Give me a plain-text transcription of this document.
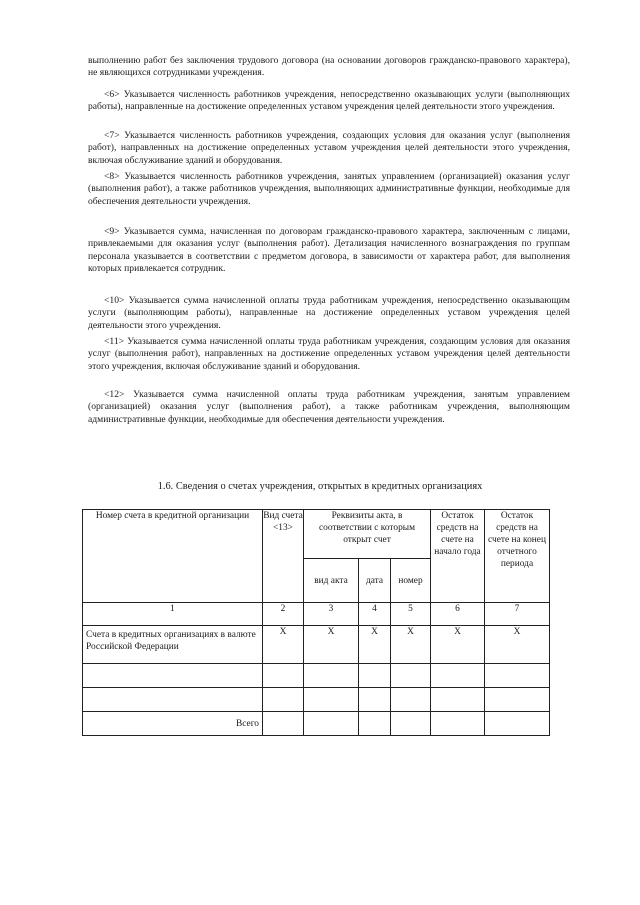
выполнению работ без заключения трудового договора (на основании договоров гражданско-правового характера), не являющихся сотрудниками учреждения.

<6> Указывается численность работников учреждения, непосредственно оказывающих услуги (выполняющих работы), направленные на достижение определенных уставом учреждения целей деятельности этого учреждения.

<7> Указывается численность работников учреждения, создающих условия для оказания услуг (выполнения работ), направленных на достижение определенных уставом учреждения целей деятельности этого учреждения, включая обслуживание зданий и оборудования.

<8> Указывается численность работников учреждения, занятых управлением (организацией) оказания услуг (выполнения работ), а также работников учреждения, выполняющих административные функции, необходимые для обеспечения деятельности учреждения.

<9> Указывается сумма, начисленная по договорам гражданско-правового характера, заключенным с лицами, привлекаемыми для оказания услуг (выполнения работ). Детализация начисленного вознаграждения по группам персонала указывается в соответствии с предметом договора, в зависимости от характера работ, для выполнения которых привлекается сотрудник.

<10> Указывается сумма начисленной оплаты труда работникам учреждения, непосредственно оказывающим услуги (выполняющим работы), направленные на достижение определенных уставом учреждения целей деятельности этого учреждения.

<11> Указывается сумма начисленной оплаты труда работникам учреждения, создающим условия для оказания услуг (выполнения работ), направленных на достижение определенных уставом учреждения целей деятельности этого учреждения, включая обслуживание зданий и оборудования.

<12> Указывается сумма начисленной оплаты труда работникам учреждения, занятым управлением (организацией) оказания услуг (выполнения работ), а также работникам учреждения, выполняющим административные функции, необходимые для обеспечения деятельности учреждения.

1.6. Сведения о счетах учреждения, открытых в кредитных организациях

Номер счета в кредитной организации	Вид счета <13>	Реквизиты акта, в соответствии с которым открыт счет			Остаток средств на счете на начало года	Остаток средств на счете на конец отчетного периода
		вид акта	дата	номер		
1	2	3	4	5	6	7
Счета в кредитных организациях в валюте Российской Федерации	X	X	X	X	X	X

Всего						
